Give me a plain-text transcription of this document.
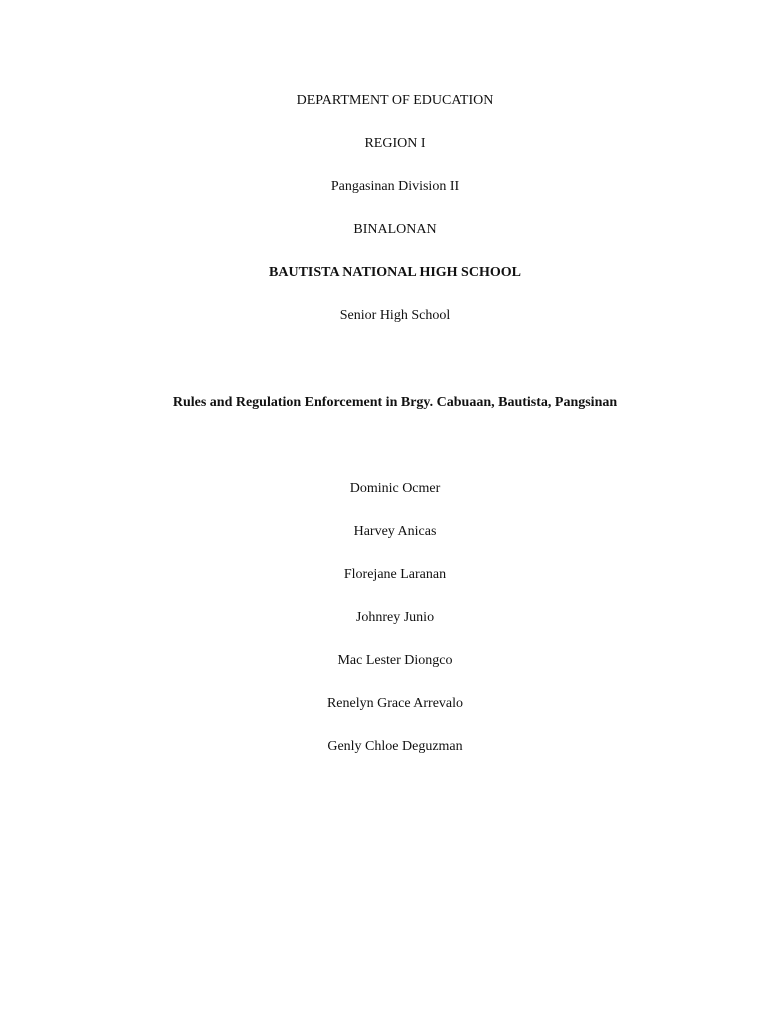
DEPARTMENT OF EDUCATION
REGION I
Pangasinan Division II
BINALONAN
BAUTISTA NATIONAL HIGH SCHOOL
Senior High School
Rules and Regulation Enforcement in Brgy. Cabuaan, Bautista, Pangsinan
Dominic Ocmer
Harvey Anicas
Florejane Laranan
Johnrey Junio
Mac Lester Diongco
Renelyn Grace Arrevalo
Genly Chloe Deguzman
